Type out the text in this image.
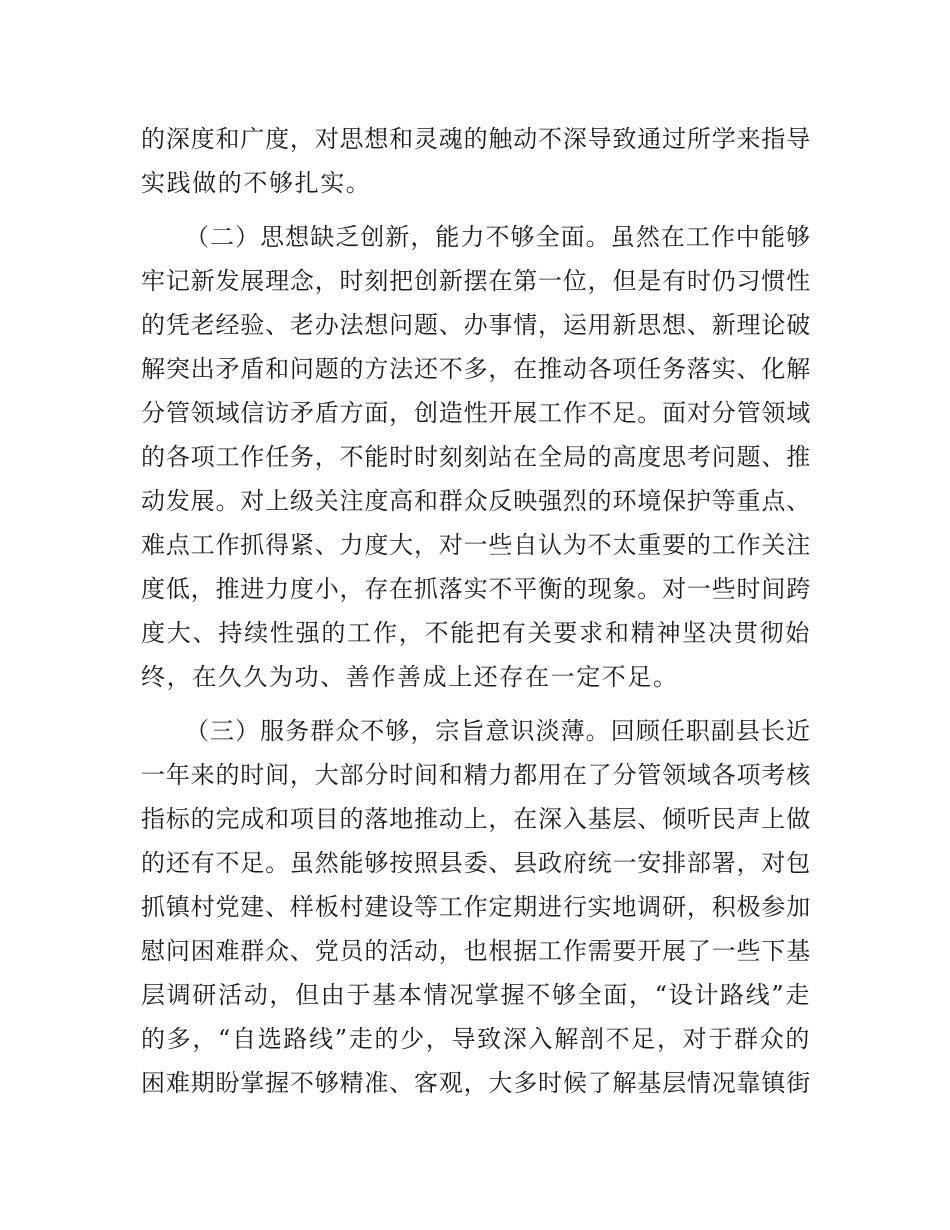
的深度和广度，对思想和灵魂的触动不深导致通过所学来指导
实践做的不够扎实。
（二）思想缺乏创新，能力不够全面。虽然在工作中能够
牢记新发展理念，时刻把创新摆在第一位，但是有时仍习惯性
的凭老经验、老办法想问题、办事情，运用新思想、新理论破
解突出矛盾和问题的方法还不多，在推动各项任务落实、化解
分管领域信访矛盾方面，创造性开展工作不足。面对分管领域
的各项工作任务，不能时时刻刻站在全局的高度思考问题、推
动发展。对上级关注度高和群众反映强烈的环境保护等重点、
难点工作抓得紧、力度大，对一些自认为不太重要的工作关注
度低，推进力度小，存在抓落实不平衡的现象。对一些时间跨
度大、持续性强的工作，不能把有关要求和精神坚决贯彻始
终，在久久为功、善作善成上还存在一定不足。
（三）服务群众不够，宗旨意识淡薄。回顾任职副县长近
一年来的时间，大部分时间和精力都用在了分管领域各项考核
指标的完成和项目的落地推动上，在深入基层、倾听民声上做
的还有不足。虽然能够按照县委、县政府统一安排部署，对包
抓镇村党建、样板村建设等工作定期进行实地调研，积极参加
慰问困难群众、党员的活动，也根据工作需要开展了一些下基
层调研活动，但由于基本情况掌握不够全面，“设计路线”走
的多，“自选路线”走的少，导致深入解剖不足，对于群众的
困难期盼掌握不够精准、客观，大多时候了解基层情况靠镇街
